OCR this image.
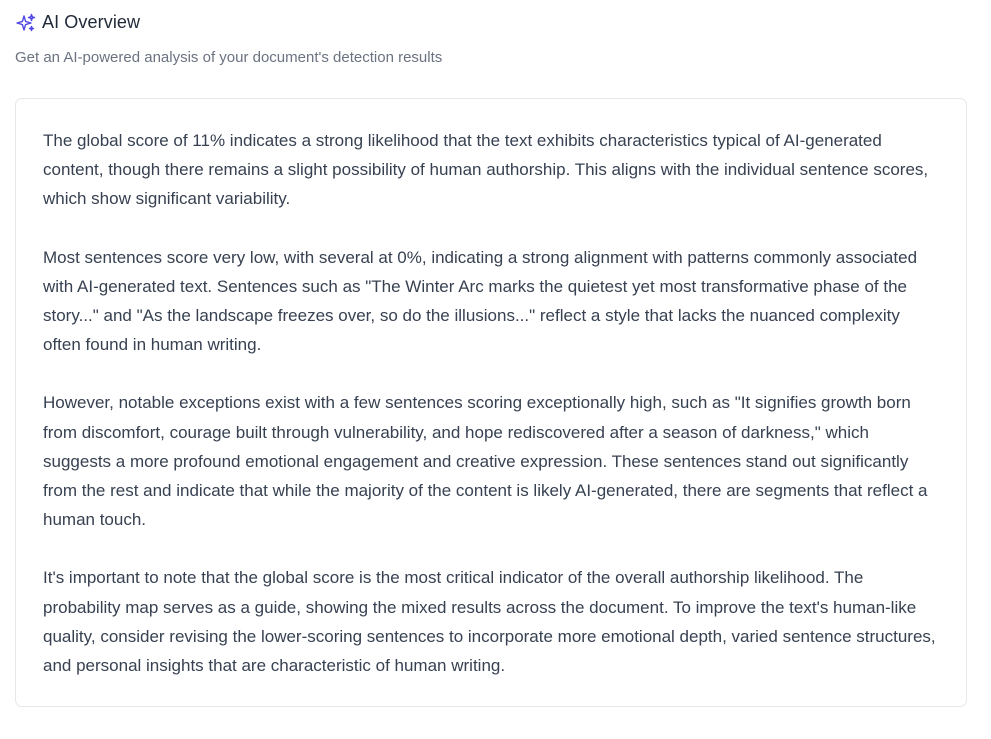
AI Overview
Get an AI-powered analysis of your document's detection results

The global score of 11% indicates a strong likelihood that the text exhibits characteristics typical of AI-generated content, though there remains a slight possibility of human authorship. This aligns with the individual sentence scores, which show significant variability.

Most sentences score very low, with several at 0%, indicating a strong alignment with patterns commonly associated with AI-generated text. Sentences such as "The Winter Arc marks the quietest yet most transformative phase of the story..." and "As the landscape freezes over, so do the illusions..." reflect a style that lacks the nuanced complexity often found in human writing.

However, notable exceptions exist with a few sentences scoring exceptionally high, such as "It signifies growth born from discomfort, courage built through vulnerability, and hope rediscovered after a season of darkness," which suggests a more profound emotional engagement and creative expression. These sentences stand out significantly from the rest and indicate that while the majority of the content is likely AI-generated, there are segments that reflect a human touch.

It's important to note that the global score is the most critical indicator of the overall authorship likelihood. The probability map serves as a guide, showing the mixed results across the document. To improve the text's human-like quality, consider revising the lower-scoring sentences to incorporate more emotional depth, varied sentence structures, and personal insights that are characteristic of human writing.
